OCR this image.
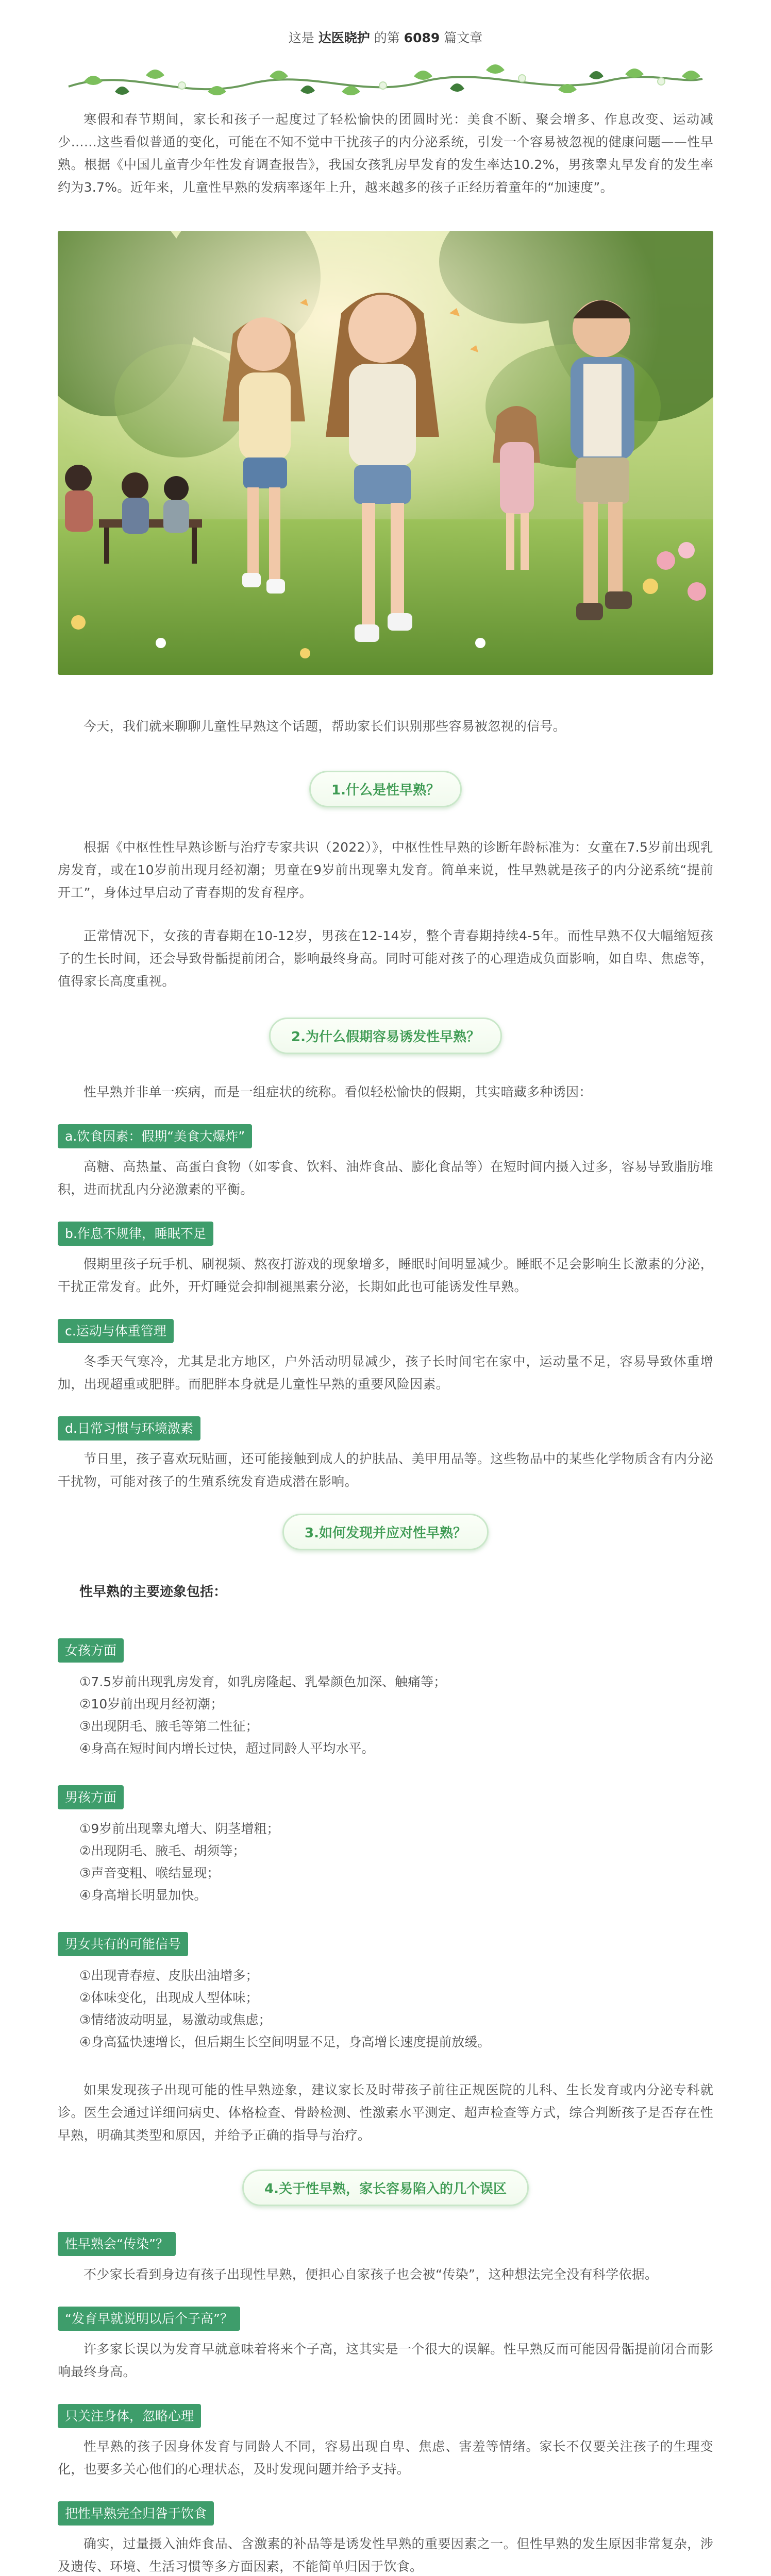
这是 达医晓护 的第 6089 篇文章

寒假和春节期间，家长和孩子一起度过了轻松愉快的团圆时光：美食不断、聚会增多、作息改变、运动减少……这些看似普通的变化，可能在不知不觉中干扰孩子的内分泌系统，引发一个容易被忽视的健康问题——性早熟。根据《中国儿童青少年性发育调查报告》，我国女孩乳房早发育的发生率达10.2%，男孩睾丸早发育的发生率约为3.7%。近年来，儿童性早熟的发病率逐年上升，越来越多的孩子正经历着童年的“加速度”。

今天，我们就来聊聊儿童性早熟这个话题，帮助家长们识别那些容易被忽视的信号。

1.什么是性早熟？

根据《中枢性性早熟诊断与治疗专家共识（2022）》，中枢性性早熟的诊断年龄标准为：女童在7.5岁前出现乳房发育，或在10岁前出现月经初潮；男童在9岁前出现睾丸发育。简单来说，性早熟就是孩子的内分泌系统“提前开工”，身体过早启动了青春期的发育程序。

正常情况下，女孩的青春期在10-12岁，男孩在12-14岁，整个青春期持续4-5年。而性早熟不仅大幅缩短孩子的生长时间，还会导致骨骺提前闭合，影响最终身高。同时可能对孩子的心理造成负面影响，如自卑、焦虑等，值得家长高度重视。

2.为什么假期容易诱发性早熟？

性早熟并非单一疾病，而是一组症状的统称。看似轻松愉快的假期，其实暗藏多种诱因：

a.饮食因素：假期“美食大爆炸”

高糖、高热量、高蛋白食物（如零食、饮料、油炸食品、膨化食品等）在短时间内摄入过多，容易导致脂肪堆积，进而扰乱内分泌激素的平衡。

b.作息不规律，睡眠不足

假期里孩子玩手机、刷视频、熬夜打游戏的现象增多，睡眠时间明显减少。睡眠不足会影响生长激素的分泌，干扰正常发育。此外，开灯睡觉会抑制褪黑素分泌，长期如此也可能诱发性早熟。

c.运动与体重管理

冬季天气寒冷，尤其是北方地区，户外活动明显减少，孩子长时间宅在家中，运动量不足，容易导致体重增加，出现超重或肥胖。而肥胖本身就是儿童性早熟的重要风险因素。

d.日常习惯与环境激素

节日里，孩子喜欢玩贴画，还可能接触到成人的护肤品、美甲用品等。这些物品中的某些化学物质含有内分泌干扰物，可能对孩子的生殖系统发育造成潜在影响。

3.如何发现并应对性早熟？

性早熟的主要迹象包括：

女孩方面

①7.5岁前出现乳房发育，如乳房隆起、乳晕颜色加深、触痛等；

②10岁前出现月经初潮；

③出现阴毛、腋毛等第二性征；

④身高在短时间内增长过快，超过同龄人平均水平。

男孩方面

①9岁前出现睾丸增大、阴茎增粗；

②出现阴毛、腋毛、胡须等；

③声音变粗、喉结显现；

④身高增长明显加快。

男女共有的可能信号

①出现青春痘、皮肤出油增多；

②体味变化，出现成人型体味；

③情绪波动明显，易激动或焦虑；

④身高猛快速增长，但后期生长空间明显不足，身高增长速度提前放缓。

如果发现孩子出现可能的性早熟迹象，建议家长及时带孩子前往正规医院的儿科、生长发育或内分泌专科就诊。医生会通过详细问病史、体格检查、骨龄检测、性激素水平测定、超声检查等方式，综合判断孩子是否存在性早熟，明确其类型和原因，并给予正确的指导与治疗。

4.关于性早熟，家长容易陷入的几个误区
性早熟会“传染”？

不少家长看到身边有孩子出现性早熟，便担心自家孩子也会被“传染”，这种想法完全没有科学依据。

“发育早就说明以后个子高”？

许多家长误以为发育早就意味着将来个子高，这其实是一个很大的误解。性早熟反而可能因骨骺提前闭合而影响最终身高。

只关注身体，忽略心理

性早熟的孩子因身体发育与同龄人不同，容易出现自卑、焦虑、害羞等情绪。家长不仅要关注孩子的生理变化，也要多关心他们的心理状态，及时发现问题并给予支持。

把性早熟完全归咎于饮食

确实，过量摄入油炸食品、含激素的补品等是诱发性早熟的重要因素之一。但性早熟的发生原因非常复杂，涉及遗传、环境、生活习惯等多方面因素，不能简单归因于饮食。
